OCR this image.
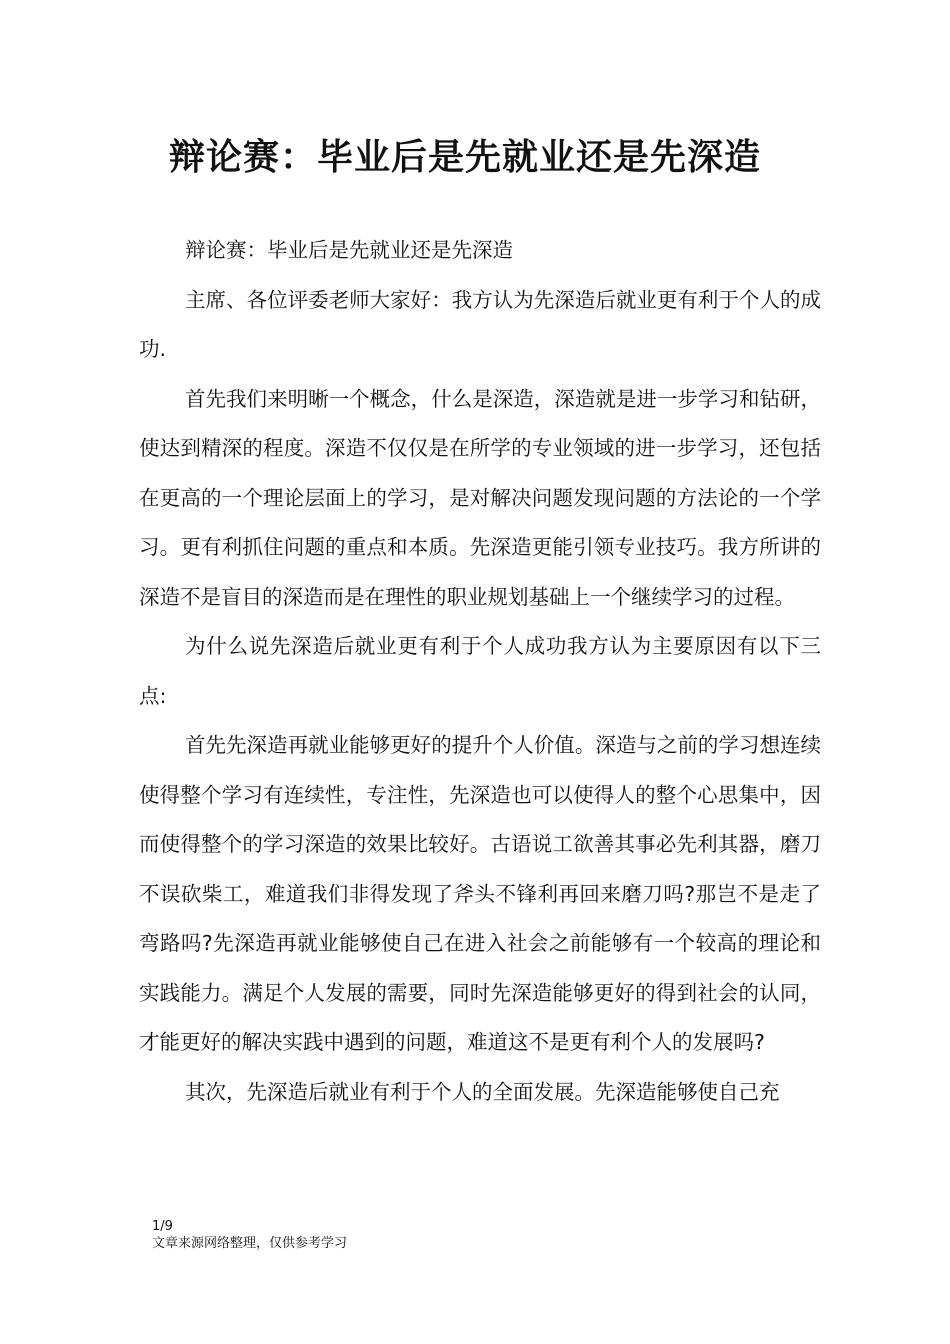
辩论赛：毕业后是先就业还是先深造

辩论赛：毕业后是先就业还是先深造

主席、各位评委老师大家好：我方认为先深造后就业更有利于个人的成功.

首先我们来明晰一个概念，什么是深造，深造就是进一步学习和钻研，使达到精深的程度。深造不仅仅是在所学的专业领域的进一步学习，还包括在更高的一个理论层面上的学习，是对解决问题发现问题的方法论的一个学习。更有利抓住问题的重点和本质。先深造更能引领专业技巧。我方所讲的深造不是盲目的深造而是在理性的职业规划基础上一个继续学习的过程。

为什么说先深造后就业更有利于个人成功我方认为主要原因有以下三点:

首先先深造再就业能够更好的提升个人价值。深造与之前的学习想连续使得整个学习有连续性，专注性，先深造也可以使得人的整个心思集中，因而使得整个的学习深造的效果比较好。古语说工欲善其事必先利其器，磨刀不误砍柴工，难道我们非得发现了斧头不锋利再回来磨刀吗?那岂不是走了弯路吗?先深造再就业能够使自己在进入社会之前能够有一个较高的理论和实践能力。满足个人发展的需要，同时先深造能够更好的得到社会的认同，才能更好的解决实践中遇到的问题，难道这不是更有利个人的发展吗?

其次，先深造后就业有利于个人的全面发展。先深造能够使自己充

1/9
文章来源网络整理，仅供参考学习
